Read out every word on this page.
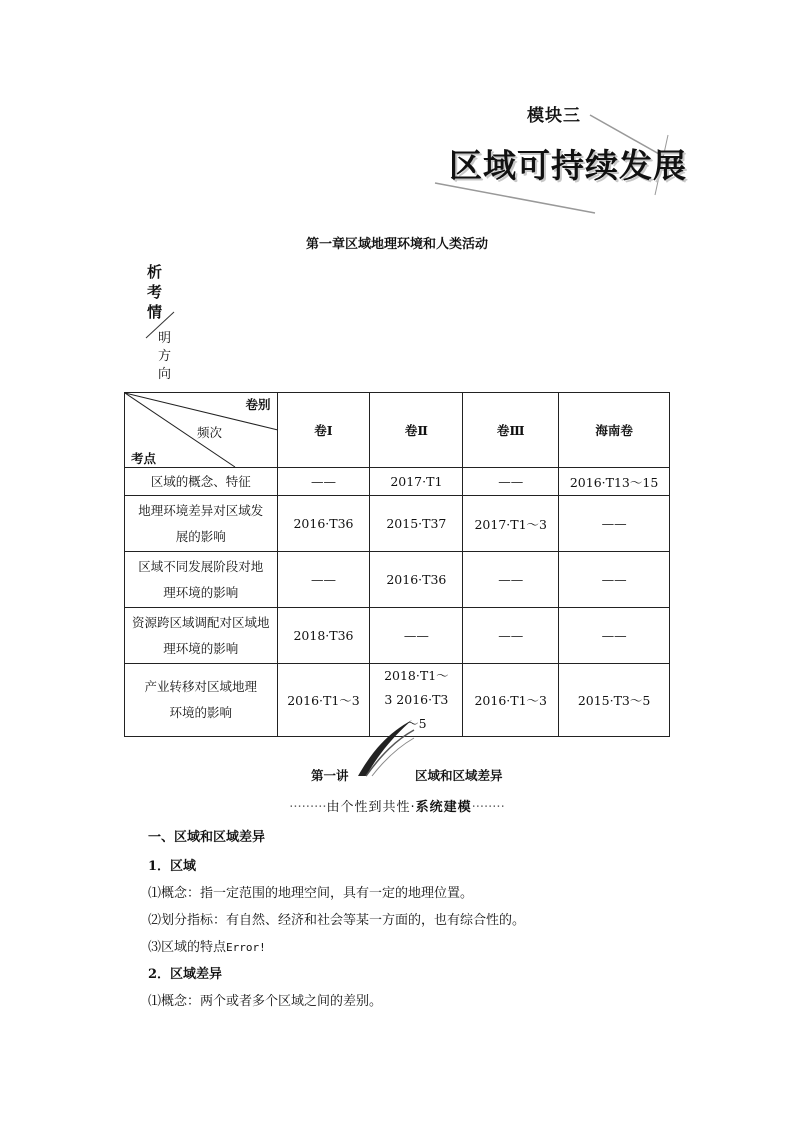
模块三
区域可持续发展
第一章区域地理环境和人类活动
析
考
情
明
方
向
卷别
频次
考点	卷Ⅰ	卷Ⅱ	卷Ⅲ	海南卷
区域的概念、特征	——	2017·T1	——	2016·T13～15
地理环境差异对区域发展的影响	2016·T36	2015·T37	2017·T1～3	——
区域不同发展阶段对地理环境的影响	——	2016·T36	——	——
资源跨区域调配对区域地理环境的影响	2018·T36	——	——	——
产业转移对区域地理环境的影响	2016·T1～3	2018·T1～3 2016·T3～5	2016·T1～3	2015·T3～5
第一讲	区域和区域差异
·········由个性到共性·系统建模········
一、区域和区域差异
1．区域
⑴概念：指一定范围的地理空间，具有一定的地理位置。
⑵划分指标：有自然、经济和社会等某一方面的，也有综合性的。
⑶区域的特点Error!
2．区域差异
⑴概念：两个或者多个区域之间的差别。
